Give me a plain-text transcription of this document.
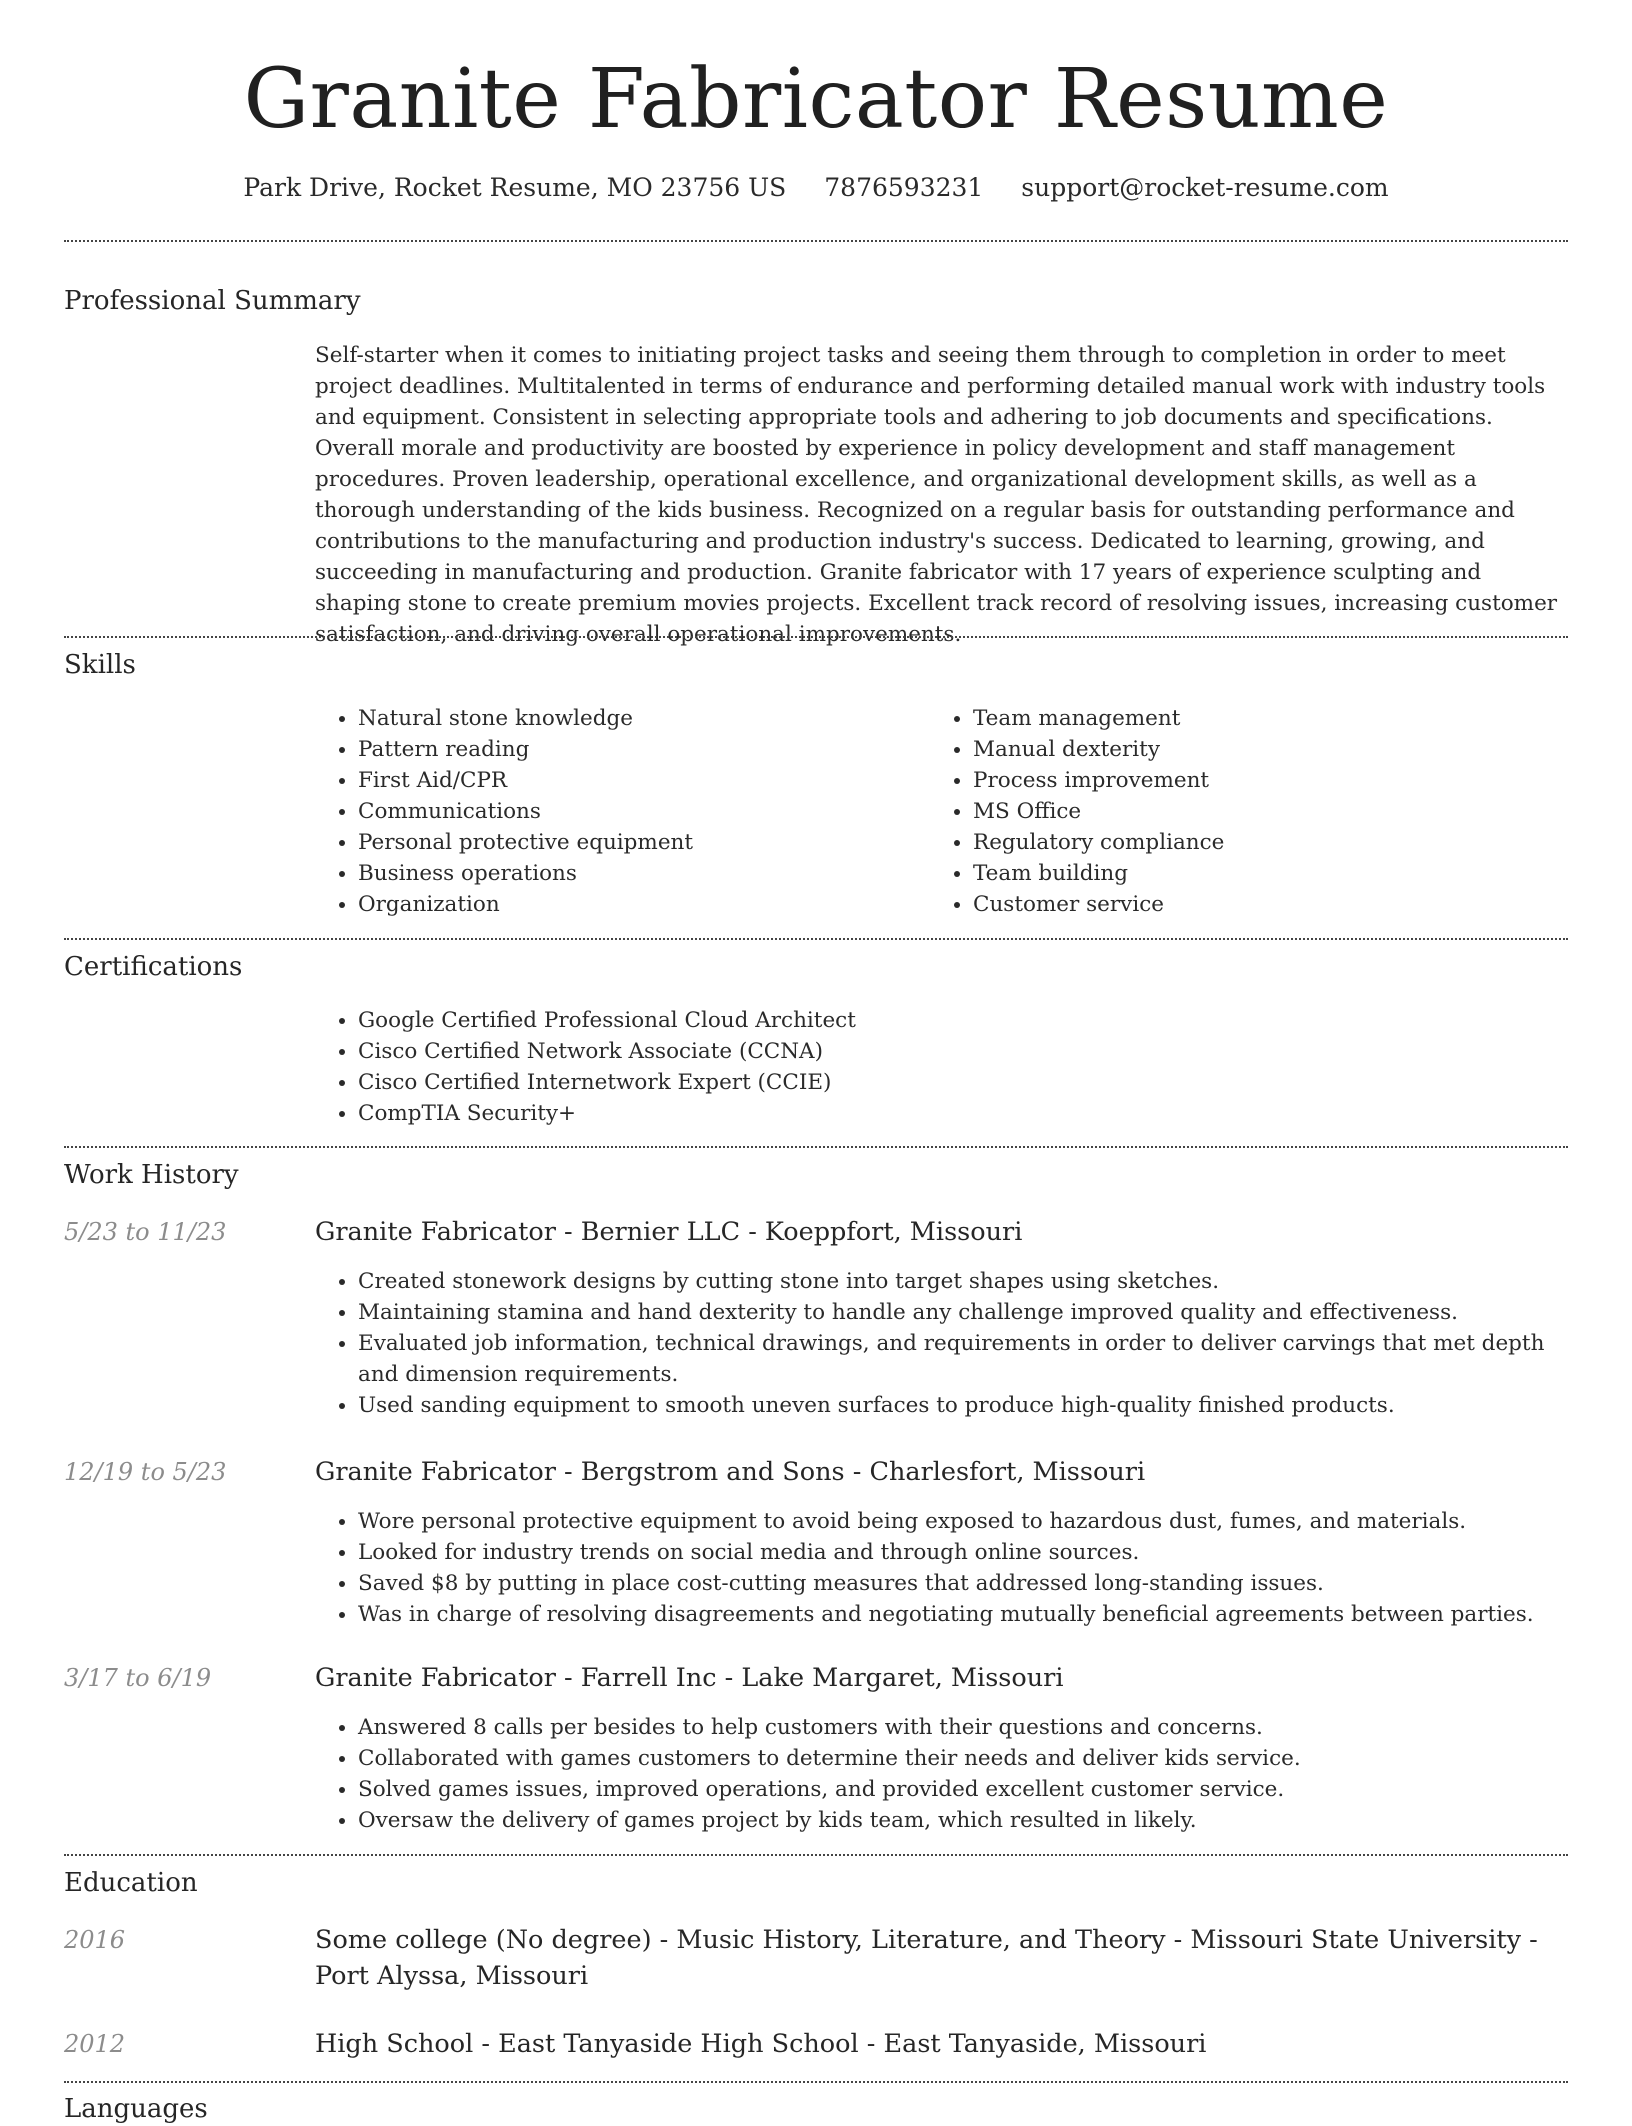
Granite Fabricator Resume
Park Drive, Rocket Resume, MO 23756 US 7876593231 support@rocket-resume.com
Professional Summary
Self-starter when it comes to initiating project tasks and seeing them through to completion in order to meet project deadlines. Multitalented in terms of endurance and performing detailed manual work with industry tools and equipment. Consistent in selecting appropriate tools and adhering to job documents and specifications. Overall morale and productivity are boosted by experience in policy development and staff management procedures. Proven leadership, operational excellence, and organizational development skills, as well as a thorough understanding of the kids business. Recognized on a regular basis for outstanding performance and contributions to the manufacturing and production industry's success. Dedicated to learning, growing, and succeeding in manufacturing and production. Granite fabricator with 17 years of experience sculpting and shaping stone to create premium movies projects. Excellent track record of resolving issues, increasing customer satisfaction, and driving overall operational improvements.
Skills
• Natural stone knowledge
• Pattern reading
• First Aid/CPR
• Communications
• Personal protective equipment
• Business operations
• Organization
• Team management
• Manual dexterity
• Process improvement
• MS Office
• Regulatory compliance
• Team building
• Customer service
Certifications
• Google Certified Professional Cloud Architect
• Cisco Certified Network Associate (CCNA)
• Cisco Certified Internetwork Expert (CCIE)
• CompTIA Security+
Work History
5/23 to 11/23	Granite Fabricator - Bernier LLC - Koeppfort, Missouri
• Created stonework designs by cutting stone into target shapes using sketches.
• Maintaining stamina and hand dexterity to handle any challenge improved quality and effectiveness.
• Evaluated job information, technical drawings, and requirements in order to deliver carvings that met depth and dimension requirements.
• Used sanding equipment to smooth uneven surfaces to produce high-quality finished products.
12/19 to 5/23	Granite Fabricator - Bergstrom and Sons - Charlesfort, Missouri
• Wore personal protective equipment to avoid being exposed to hazardous dust, fumes, and materials.
• Looked for industry trends on social media and through online sources.
• Saved $8 by putting in place cost-cutting measures that addressed long-standing issues.
• Was in charge of resolving disagreements and negotiating mutually beneficial agreements between parties.
3/17 to 6/19	Granite Fabricator - Farrell Inc - Lake Margaret, Missouri
• Answered 8 calls per besides to help customers with their questions and concerns.
• Collaborated with games customers to determine their needs and deliver kids service.
• Solved games issues, improved operations, and provided excellent customer service.
• Oversaw the delivery of games project by kids team, which resulted in likely.
Education
2016	Some college (No degree) - Music History, Literature, and Theory - Missouri State University - Port Alyssa, Missouri
2012	High School - East Tanyaside High School - East Tanyaside, Missouri
Languages
